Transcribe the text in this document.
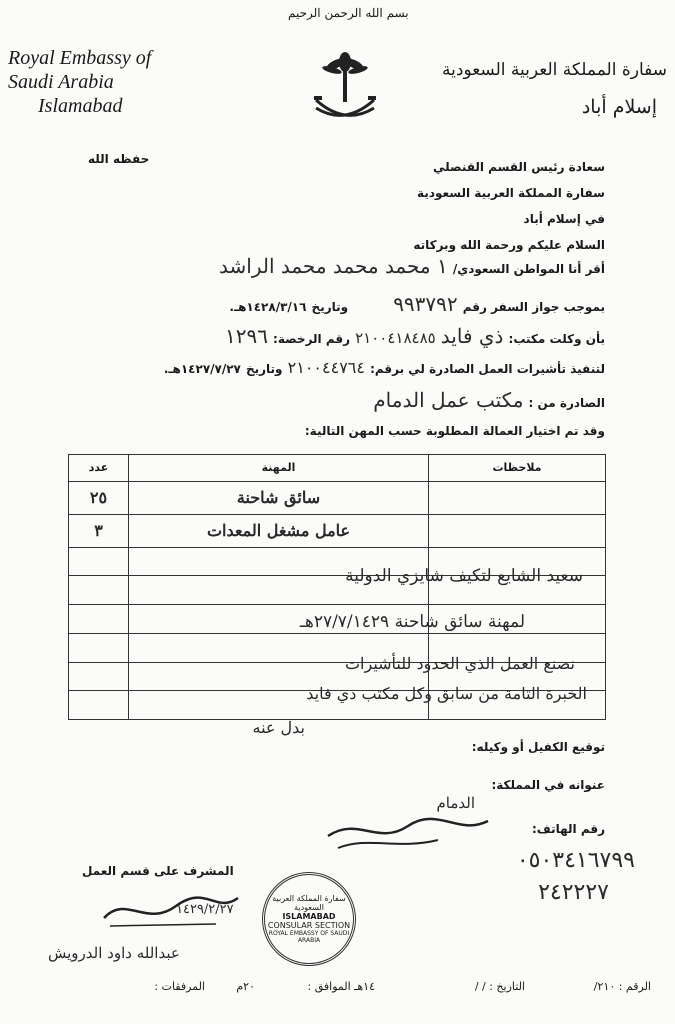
بسم الله الرحمن الرحيم
Royal Embassy of
Saudi Arabia
Islamabad
سفارة المملكة العربية السعودية
إسلام أباد
حفظه الله
سعادة رئيس القسم القنصلي
سفارة المملكة العربية السعودية
في إسلام أباد
السلام عليكم ورحمة الله وبركاته
أقر أنا المواطن السعودي/ ١ محمد محمد محمد الراشد
بموجب جواز السفر رقم ٩٩٣٧٩٢ وتاريخ ١٤٢٨/٣/١٦هـ.
بأن وكلت مكتب: ذي فايد ٢١٠٠٤١٨٤٨٥ رقم الرخصة: ١٢٩٦
لتنفيذ تأشيرات العمل الصادرة لي برقم: ٢١٠٠٤٤٧٦٤ وتاريخ ١٤٢٧/٧/٢٧هـ.
الصادرة من : مكتب عمل الدمام
وقد تم اختيار العمالة المطلوبة حسب المهن التالية:
عدد	المهنة	ملاحظات
٢٥	سائق شاحنة	
٣	عامل مشغل المعدات	

سعيد الشايع لتكيف شايزي الدولية
لمهنة سائق شاحنة ٢٧/٧/١٤٢٩هـ
نصنع العمل الذي الحدود للتأشيرات
الخبرة التامة من سابق وكل مكتب ذي فايد
بدل عنه
توقيع الكفيل أو وكيله:
عنوانه في المملكة:
الدمام
رقم الهاتف:
٠٥٠٣٤١٦٧٩٩
٢٤٢٢٢٧
المشرف على قسم العمل
١٤٢٩/٢/٢٧
عبدالله داود الدرويش
سفارة المملكة العربية السعودية
ISLAMABAD
CONSULAR SECTION
ROYAL EMBASSY OF SAUDI ARABIA
الرقم : ٢١٠/
التاريخ : / /
١٤هـ الموافق :
٢٠م
المرفقات :
